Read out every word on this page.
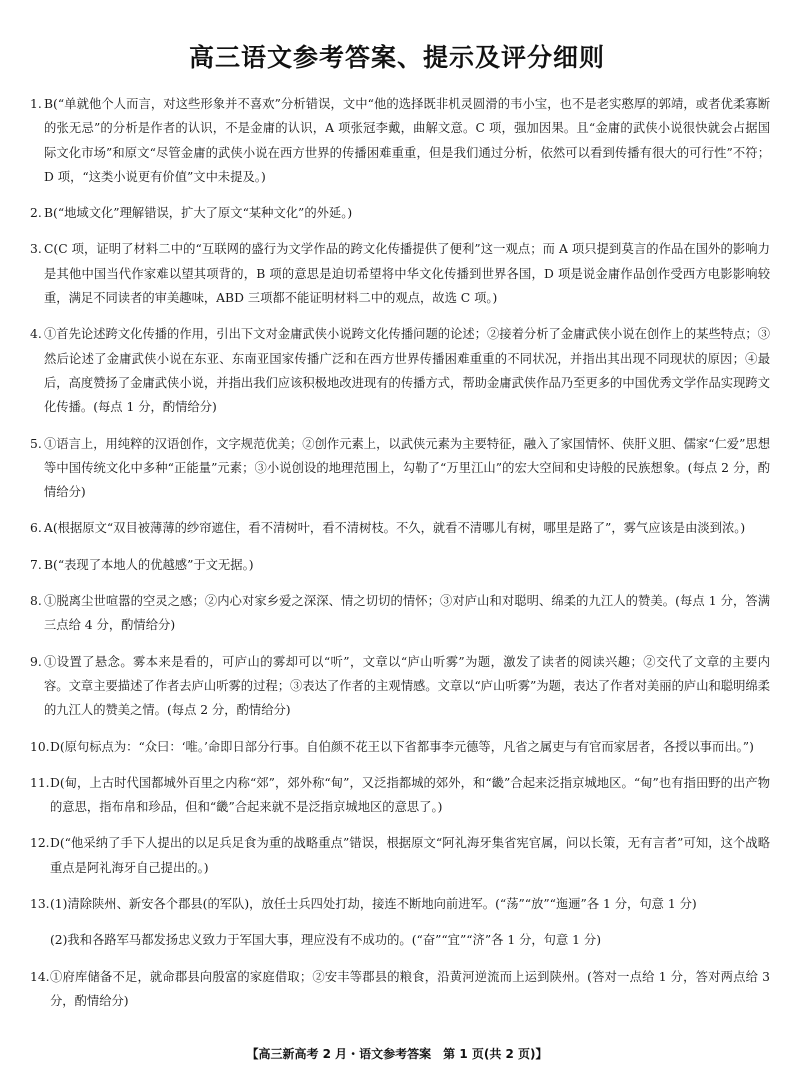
高三语文参考答案、提示及评分细则
1. B(“单就他个人而言，对这些形象并不喜欢”分析错误，文中“他的选择既非机灵圆滑的韦小宝，也不是老实憨厚的郭靖，或者优柔寡断的张无忌”的分析是作者的认识，不是金庸的认识，A 项张冠李戴，曲解文意。C 项，强加因果。且“金庸的武侠小说很快就会占据国际文化市场”和原文“尽管金庸的武侠小说在西方世界的传播困难重重，但是我们通过分析，依然可以看到传播有很大的可行性”不符；D 项，“这类小说更有价值”文中未提及。)
2. B(“地域文化”理解错误，扩大了原文“某种文化”的外延。)
3. C(C 项，证明了材料二中的“互联网的盛行为文学作品的跨文化传播提供了便利”这一观点；而 A 项只提到莫言的作品在国外的影响力是其他中国当代作家难以望其项背的，B 项的意思是迫切希望将中华文化传播到世界各国，D 项是说金庸作品创作受西方电影影响较重，满足不同读者的审美趣味，ABD 三项都不能证明材料二中的观点，故选 C 项。)
4. ①首先论述跨文化传播的作用，引出下文对金庸武侠小说跨文化传播问题的论述；②接着分析了金庸武侠小说在创作上的某些特点；③然后论述了金庸武侠小说在东亚、东南亚国家传播广泛和在西方世界传播困难重重的不同状况，并指出其出现不同现状的原因；④最后，高度赞扬了金庸武侠小说，并指出我们应该积极地改进现有的传播方式，帮助金庸武侠作品乃至更多的中国优秀文学作品实现跨文化传播。(每点 1 分，酌情给分)
5. ①语言上，用纯粹的汉语创作，文字规范优美；②创作元素上，以武侠元素为主要特征，融入了家国情怀、侠肝义胆、儒家“仁爱”思想等中国传统文化中多种“正能量”元素；③小说创设的地理范围上，勾勒了“万里江山”的宏大空间和史诗般的民族想象。(每点 2 分，酌情给分)
6. A(根据原文“双目被薄薄的纱帘遮住，看不清树叶，看不清树枝。不久，就看不清哪儿有树，哪里是路了”，雾气应该是由淡到浓。)
7. B(“表现了本地人的优越感”于文无据。)
8. ①脱离尘世喧嚣的空灵之感；②内心对家乡爱之深深、情之切切的情怀；③对庐山和对聪明、绵柔的九江人的赞美。(每点 1 分，答满三点给 4 分，酌情给分)
9. ①设置了悬念。雾本来是看的，可庐山的雾却可以“听”，文章以“庐山听雾”为题，激发了读者的阅读兴趣；②交代了文章的主要内容。文章主要描述了作者去庐山听雾的过程；③表达了作者的主观情感。文章以“庐山听雾”为题，表达了作者对美丽的庐山和聪明绵柔的九江人的赞美之情。(每点 2 分，酌情给分)
10. D(原句标点为：“众曰：‘唯。’命即日部分行事。自伯颜不花王以下省都事李元德等，凡省之属吏与有官而家居者，各授以事而出。”)
11. D(甸，上古时代国都城外百里之内称“郊”，郊外称“甸”，又泛指都城的郊外，和“畿”合起来泛指京城地区。“甸”也有指田野的出产物的意思，指布帛和珍品，但和“畿”合起来就不是泛指京城地区的意思了。)
12. D(“他采纳了手下人提出的以足兵足食为重的战略重点”错误，根据原文“阿礼海牙集省宪官属，问以长策，无有言者”可知，这个战略重点是阿礼海牙自己提出的。)
13. (1)清除陕州、新安各个郡县(的军队)，放任士兵四处打劫，接连不断地向前进军。(“荡”“放”“迤逦”各 1 分，句意 1 分)
(2)我和各路军马都发扬忠义致力于军国大事，理应没有不成功的。(“奋”“宜”“济”各 1 分，句意 1 分)
14. ①府库储备不足，就命郡县向殷富的家庭借取；②安丰等郡县的粮食，沿黄河逆流而上运到陕州。(答对一点给 1 分，答对两点给 3 分，酌情给分)
【高三新高考 2 月・语文参考答案　第 1 页(共 2 页)】
